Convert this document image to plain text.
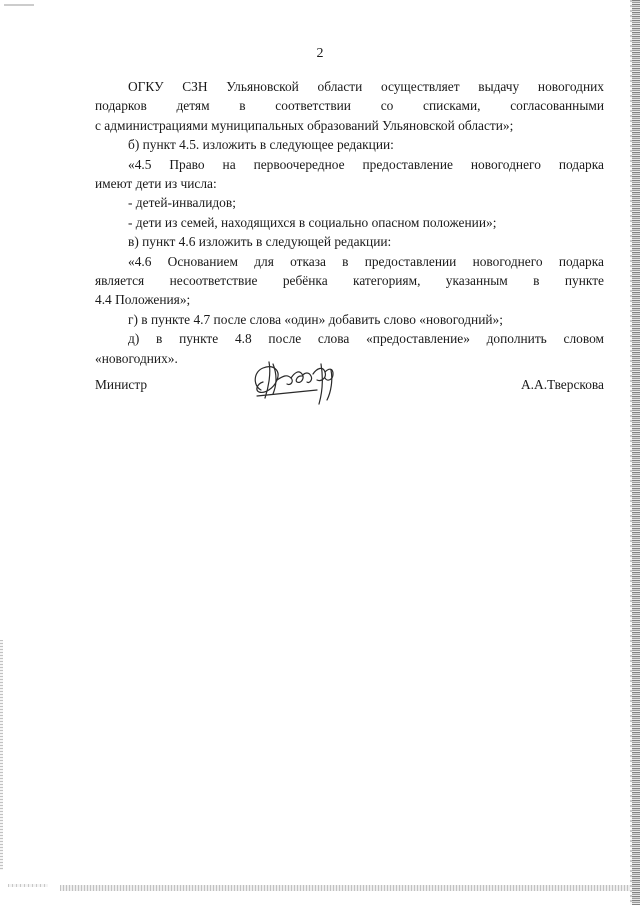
2

ОГКУ СЗН Ульяновской области осуществляет выдачу новогодних

подарков детям в соответствии со списками, согласованными

с администрациями муниципальных образований Ульяновской области»;

б) пункт 4.5. изложить в следующее редакции:

«4.5 Право на первоочередное предоставление новогоднего подарка

имеют дети из числа:

- детей-инвалидов;

- дети из семей, находящихся в социально опасном положении»;

в) пункт 4.6 изложить в следующей редакции:

«4.6 Основанием для отказа в предоставлении новогоднего подарка

является несоответствие ребёнка категориям, указанным в пункте

4.4 Положения»;

г) в пункте 4.7 после слова «один» добавить слово «новогодний»;

д) в пункте 4.8 после слова «предоставление» дополнить словом

«новогодних».

Министр	А.А.Тверскова
